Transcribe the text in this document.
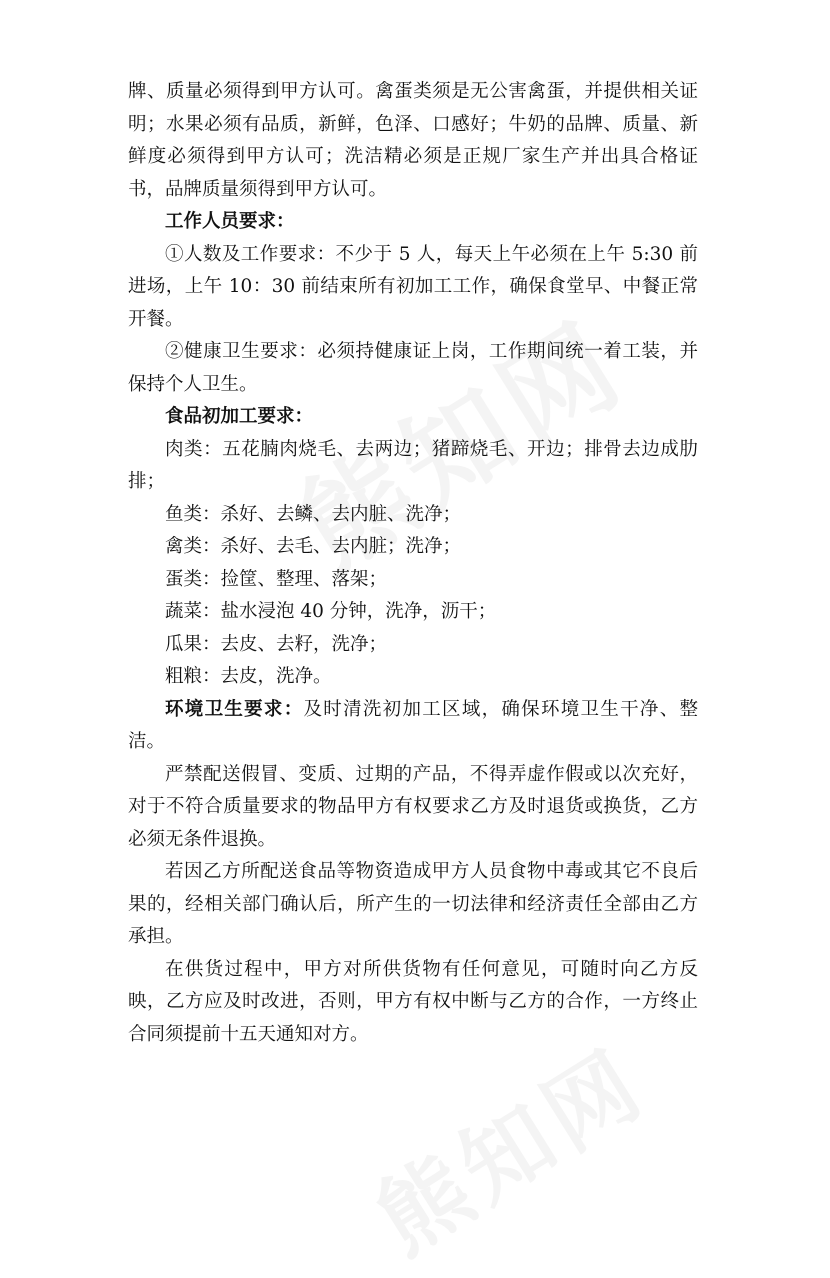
牌、质量必须得到甲方认可。禽蛋类须是无公害禽蛋，并提供相关证明；水果必须有品质，新鲜，色泽、口感好；牛奶的品牌、质量、新鲜度必须得到甲方认可；洗洁精必须是正规厂家生产并出具合格证书，品牌质量须得到甲方认可。

工作人员要求：

①人数及工作要求：不少于 5 人，每天上午必须在上午 5:30 前进场，上午 10：30 前结束所有初加工工作，确保食堂早、中餐正常开餐。

②健康卫生要求：必须持健康证上岗，工作期间统一着工装，并保持个人卫生。

食品初加工要求：

肉类：五花腩肉烧毛、去两边；猪蹄烧毛、开边；排骨去边成肋排；

鱼类：杀好、去鳞、去内脏、洗净；

禽类：杀好、去毛、去内脏；洗净；

蛋类：捡筐、整理、落架；

蔬菜：盐水浸泡 40 分钟，洗净，沥干；

瓜果：去皮、去籽，洗净；

粗粮：去皮，洗净。

环境卫生要求：及时清洗初加工区域，确保环境卫生干净、整洁。

严禁配送假冒、变质、过期的产品，不得弄虚作假或以次充好，对于不符合质量要求的物品甲方有权要求乙方及时退货或换货，乙方必须无条件退换。

若因乙方所配送食品等物资造成甲方人员食物中毒或其它不良后果的，经相关部门确认后，所产生的一切法律和经济责任全部由乙方承担。

在供货过程中，甲方对所供货物有任何意见，可随时向乙方反映，乙方应及时改进，否则，甲方有权中断与乙方的合作，一方终止合同须提前十五天通知对方。
